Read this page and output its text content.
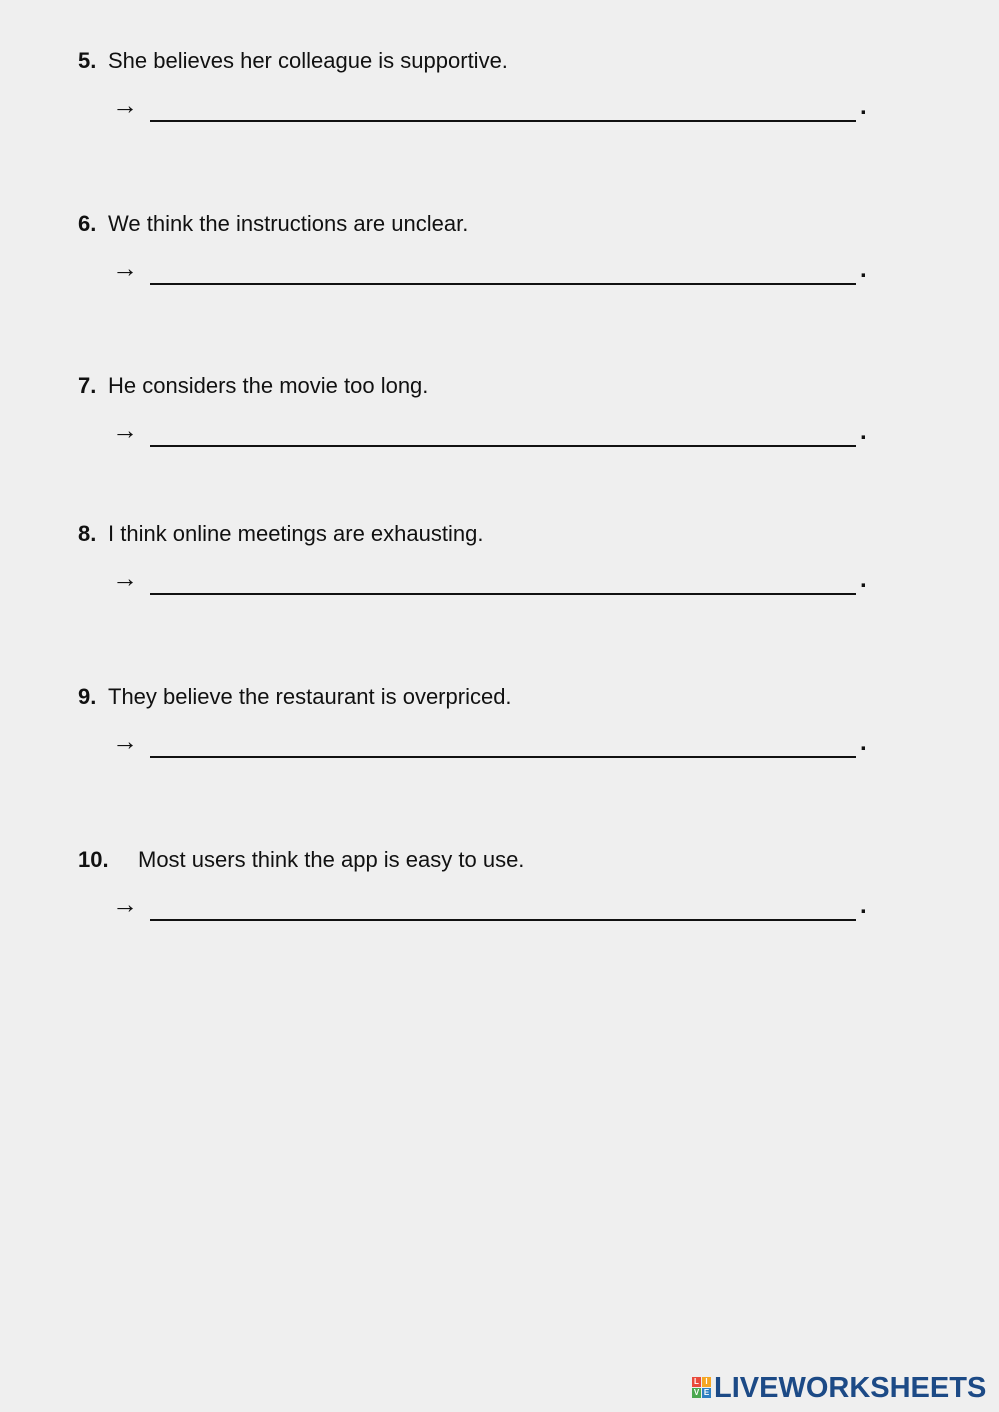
5. She believes her colleague is supportive.
→	.
6. We think the instructions are unclear.
→	.
7. He considers the movie too long.
→	.
8. I think online meetings are exhausting.
→	.
9. They believe the restaurant is overpriced.
→	.
10. Most users think the app is easy to use.
→	.
L I
V E LIVEWORKSHEETS
